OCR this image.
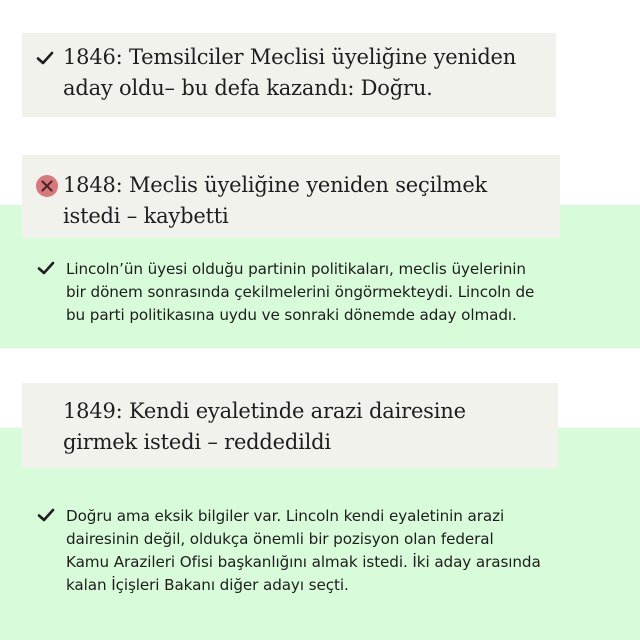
1846: Temsilciler Meclisi üyeliğine yeniden
aday oldu– bu defa kazandı: Doğru.

1848: Meclis üyeliğine yeniden seçilmek
istedi – kaybetti

Lincoln’ün üyesi olduğu partinin politikaları, meclis üyelerinin
bir dönem sonrasında çekilmelerini öngörmekteydi. Lincoln de
bu parti politikasına uydu ve sonraki dönemde aday olmadı.

1849: Kendi eyaletinde arazi dairesine
girmek istedi – reddedildi

Doğru ama eksik bilgiler var. Lincoln kendi eyaletinin arazi
dairesinin değil, oldukça önemli bir pozisyon olan federal
Kamu Arazileri Ofisi başkanlığını almak istedi. İki aday arasında
kalan İçişleri Bakanı diğer adayı seçti.
